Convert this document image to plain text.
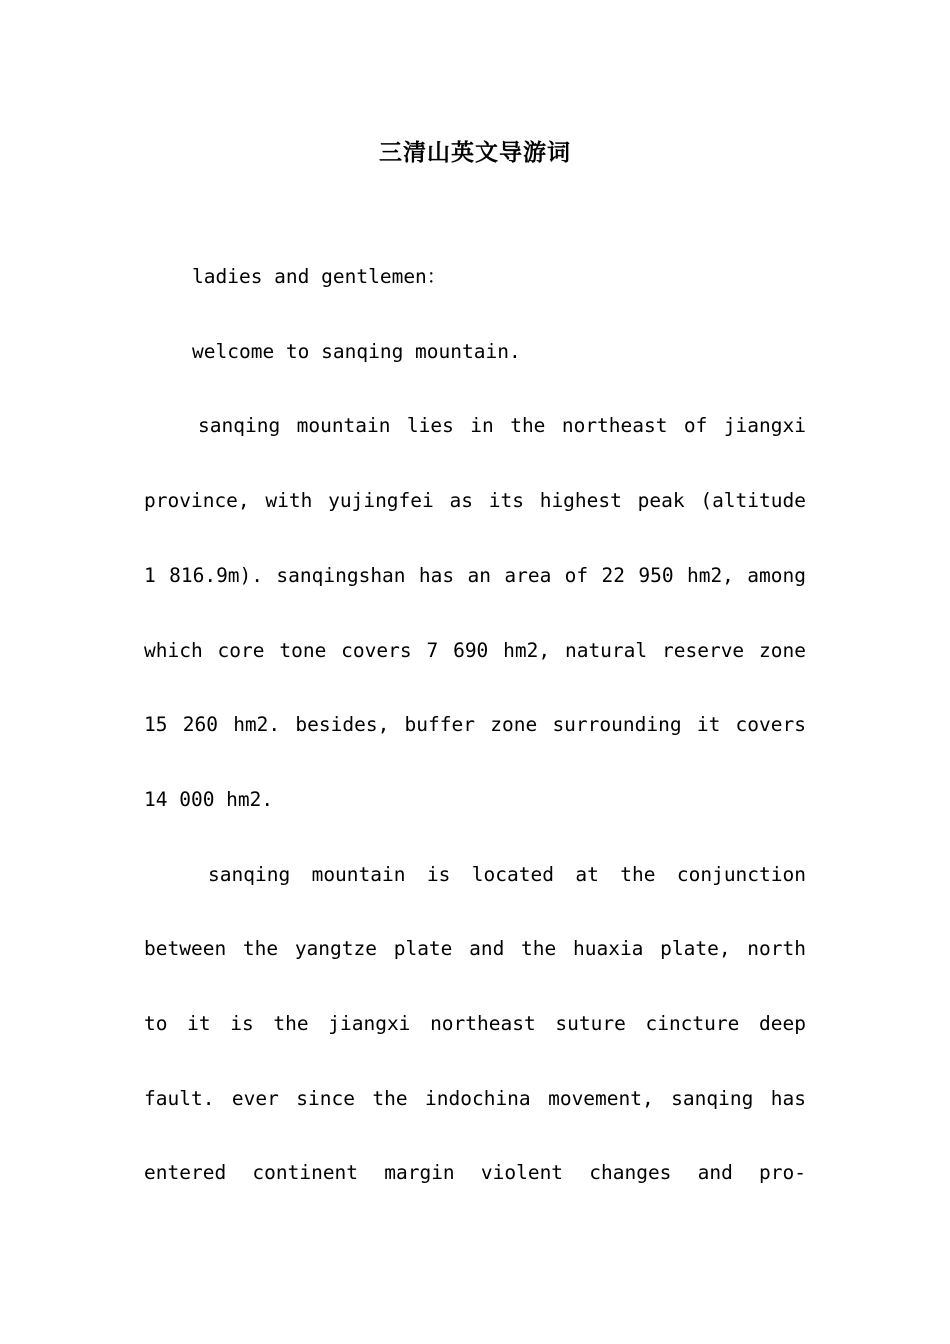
三清山英文导游词
ladies and gentlemen：
welcome to sanqing mountain.
sanqing mountain lies in the northeast of jiangxi
province, with yujingfei as its highest peak (altitude
1 816.9m). sanqingshan has an area of 22 950 hm2, among
which core tone covers 7 690 hm2, natural reserve zone
15 260 hm2. besides, buffer zone surrounding it covers
14 000 hm2.
sanqing mountain is located at the conjunction
between the yangtze plate and the huaxia plate, north
to it is the jiangxi northeast suture cincture deep
fault. ever since the indochina movement, sanqing has
entered continent margin violent changes and pro-
